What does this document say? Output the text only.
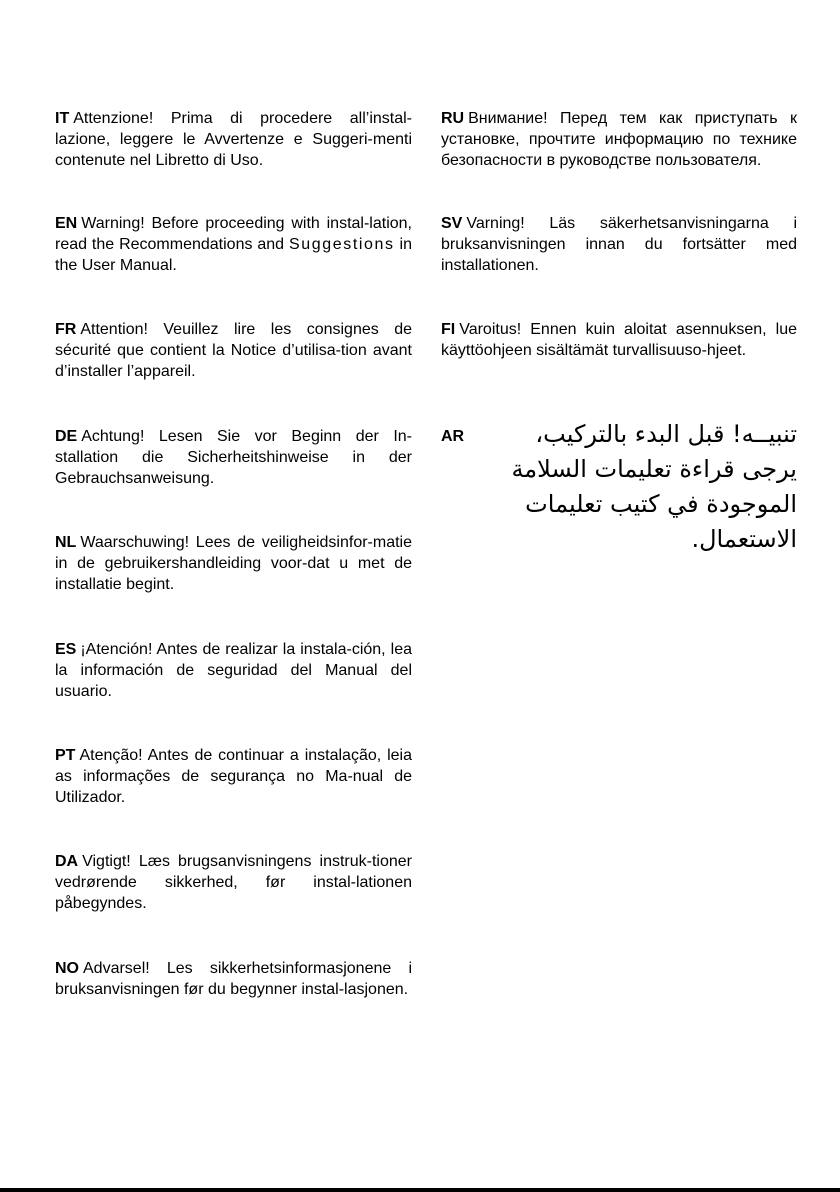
IT Attenzione! Prima di procedere all’instal-lazione, leggere le Avvertenze e Suggeri-menti contenute nel Libretto di Uso.

EN Warning! Before proceeding with instal-lation, read the Recommendations and Suggestions in the User Manual.

FR Attention! Veuillez lire les consignes de sécurité que contient la Notice d’utilisa-tion avant d’installer l’appareil.

DE Achtung! Lesen Sie vor Beginn der In-stallation die Sicherheitshinweise in der Gebrauchsanweisung.

NL Waarschuwing! Lees de veiligheidsinfor-matie in de gebruikershandleiding voor-dat u met de installatie begint.

ES ¡Atención! Antes de realizar la instala-ción, lea la información de seguridad del Manual del usuario.

PT Atenção! Antes de continuar a instalação, leia as informações de segurança no Ma-nual de Utilizador.

DA Vigtigt! Læs brugsanvisningens instruk-tioner vedrørende sikkerhed, før instal-lationen påbegyndes.

NO Advarsel! Les sikkerhetsinformasjonene i bruksanvisningen før du begynner instal-lasjonen.

RU Внимание! Перед тем как приступать к установке, прочтите информацию по технике безопасности в руководстве пользователя.

SV Varning! Läs säkerhetsanvisningarna i bruksanvisningen innan du fortsätter med installationen.

FI Varoitus! Ennen kuin aloitat asennuksen, lue käyttöohjeen sisältämät turvallisuuso-hjeet.

AR	تنبيــه! قبل البدء بالتركيب، يرجى قراءة تعليمات السلامة الموجودة في كتيب تعليمات الاستعمال.
